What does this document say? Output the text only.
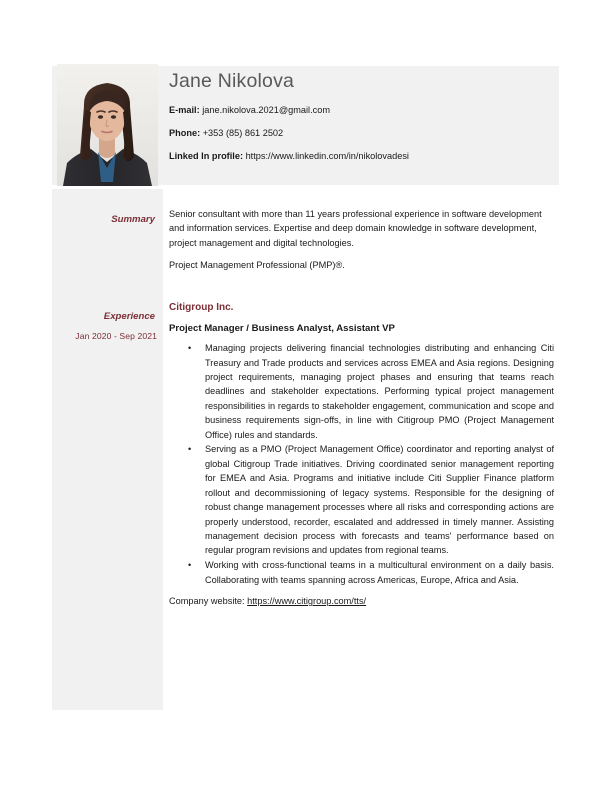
Jane Nikolova

E-mail: jane.nikolova.2021@gmail.com

Phone: +353 (85) 861 2502

Linked In profile: https://www.linkedin.com/in/nikolovadesi

Summary
Experience
Jan 2020 - Sep 2021

Senior consultant with more than 11 years professional experience in software development and information services. Expertise and deep domain knowledge in software development, project management and digital technologies.

Project Management Professional (PMP)®.

Citigroup Inc.

Project Manager / Business Analyst, Assistant VP

• Managing projects delivering financial technologies distributing and enhancing Citi Treasury and Trade products and services across EMEA and Asia regions. Designing project requirements, managing project phases and ensuring that teams reach deadlines and stakeholder expectations. Performing typical project management responsibilities in regards to stakeholder engagement, communication and scope and business requirements sign-offs, in line with Citigroup PMO (Project Management Office) rules and standards.
• Serving as a PMO (Project Management Office) coordinator and reporting analyst of global Citigroup Trade initiatives. Driving coordinated senior management reporting for EMEA and Asia. Programs and initiative include Citi Supplier Finance platform rollout and decommissioning of legacy systems. Responsible for the designing of robust change management processes where all risks and corresponding actions are properly understood, recorder, escalated and addressed in timely manner. Assisting management decision process with forecasts and teams' performance based on regular program revisions and updates from regional teams.
• Working with cross-functional teams in a multicultural environment on a daily basis. Collaborating with teams spanning across Americas, Europe, Africa and Asia.

Company website: https://www.citigroup.com/tts/
